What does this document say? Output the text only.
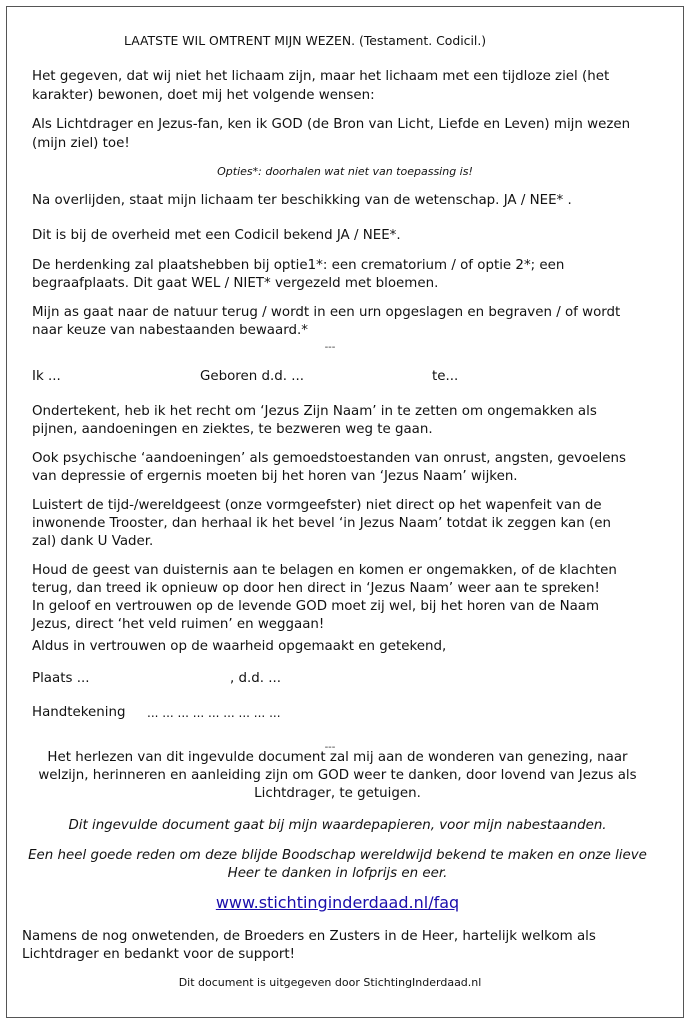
LAATSTE WIL OMTRENT MIJN WEZEN. (Testament. Codicil.)
Het gegeven, dat wij niet het lichaam zijn, maar het lichaam met een tijdloze ziel (het
karakter) bewonen, doet mij het volgende wensen:
Als Lichtdrager en Jezus-fan, ken ik GOD (de Bron van Licht, Liefde en Leven) mijn wezen
(mijn ziel) toe!
Opties*: doorhalen wat niet van toepassing is!
Na overlijden, staat mijn lichaam ter beschikking van de wetenschap. JA / NEE* .
Dit is bij de overheid met een Codicil bekend JA / NEE*.
De herdenking zal plaatshebben bij optie1*: een crematorium / of optie 2*; een
begraafplaats. Dit gaat WEL / NIET* vergezeld met bloemen.
Mijn as gaat naar de natuur terug / wordt in een urn opgeslagen en begraven / of wordt
naar keuze van nabestaanden bewaard.*
---
Ik ...	Geboren d.d. ...	te...
Ondertekent, heb ik het recht om ‘Jezus Zijn Naam’ in te zetten om ongemakken als
pijnen, aandoeningen en ziektes, te bezweren weg te gaan.
Ook psychische ‘aandoeningen’ als gemoedstoestanden van onrust, angsten, gevoelens
van depressie of ergernis moeten bij het horen van ‘Jezus Naam’ wijken.
Luistert de tijd-/wereldgeest (onze vormgeefster) niet direct op het wapenfeit van de
inwonende Trooster, dan herhaal ik het bevel ‘in Jezus Naam’ totdat ik zeggen kan (en
zal) dank U Vader.
Houd de geest van duisternis aan te belagen en komen er ongemakken, of de klachten
terug, dan treed ik opnieuw op door hen direct in ‘Jezus Naam’ weer aan te spreken!
In geloof en vertrouwen op de levende GOD moet zij wel, bij het horen van de Naam
Jezus, direct ‘het veld ruimen’ en weggaan!
Aldus in vertrouwen op de waarheid opgemaakt en getekend,
Plaats ...	, d.d. ...
Handtekening ... ... ... ... ... ... ... ... ...
---
Het herlezen van dit ingevulde document zal mij aan de wonderen van genezing, naar
welzijn, herinneren en aanleiding zijn om GOD weer te danken, door lovend van Jezus als
Lichtdrager, te getuigen.
Dit ingevulde document gaat bij mijn waardepapieren, voor mijn nabestaanden.
Een heel goede reden om deze blijde Boodschap wereldwijd bekend te maken en onze lieve
Heer te danken in lofprijs en eer.
www.stichtinginderdaad.nl/faq
Namens de nog onwetenden, de Broeders en Zusters in de Heer, hartelijk welkom als
Lichtdrager en bedankt voor de support!
Dit document is uitgegeven door StichtingInderdaad.nl
